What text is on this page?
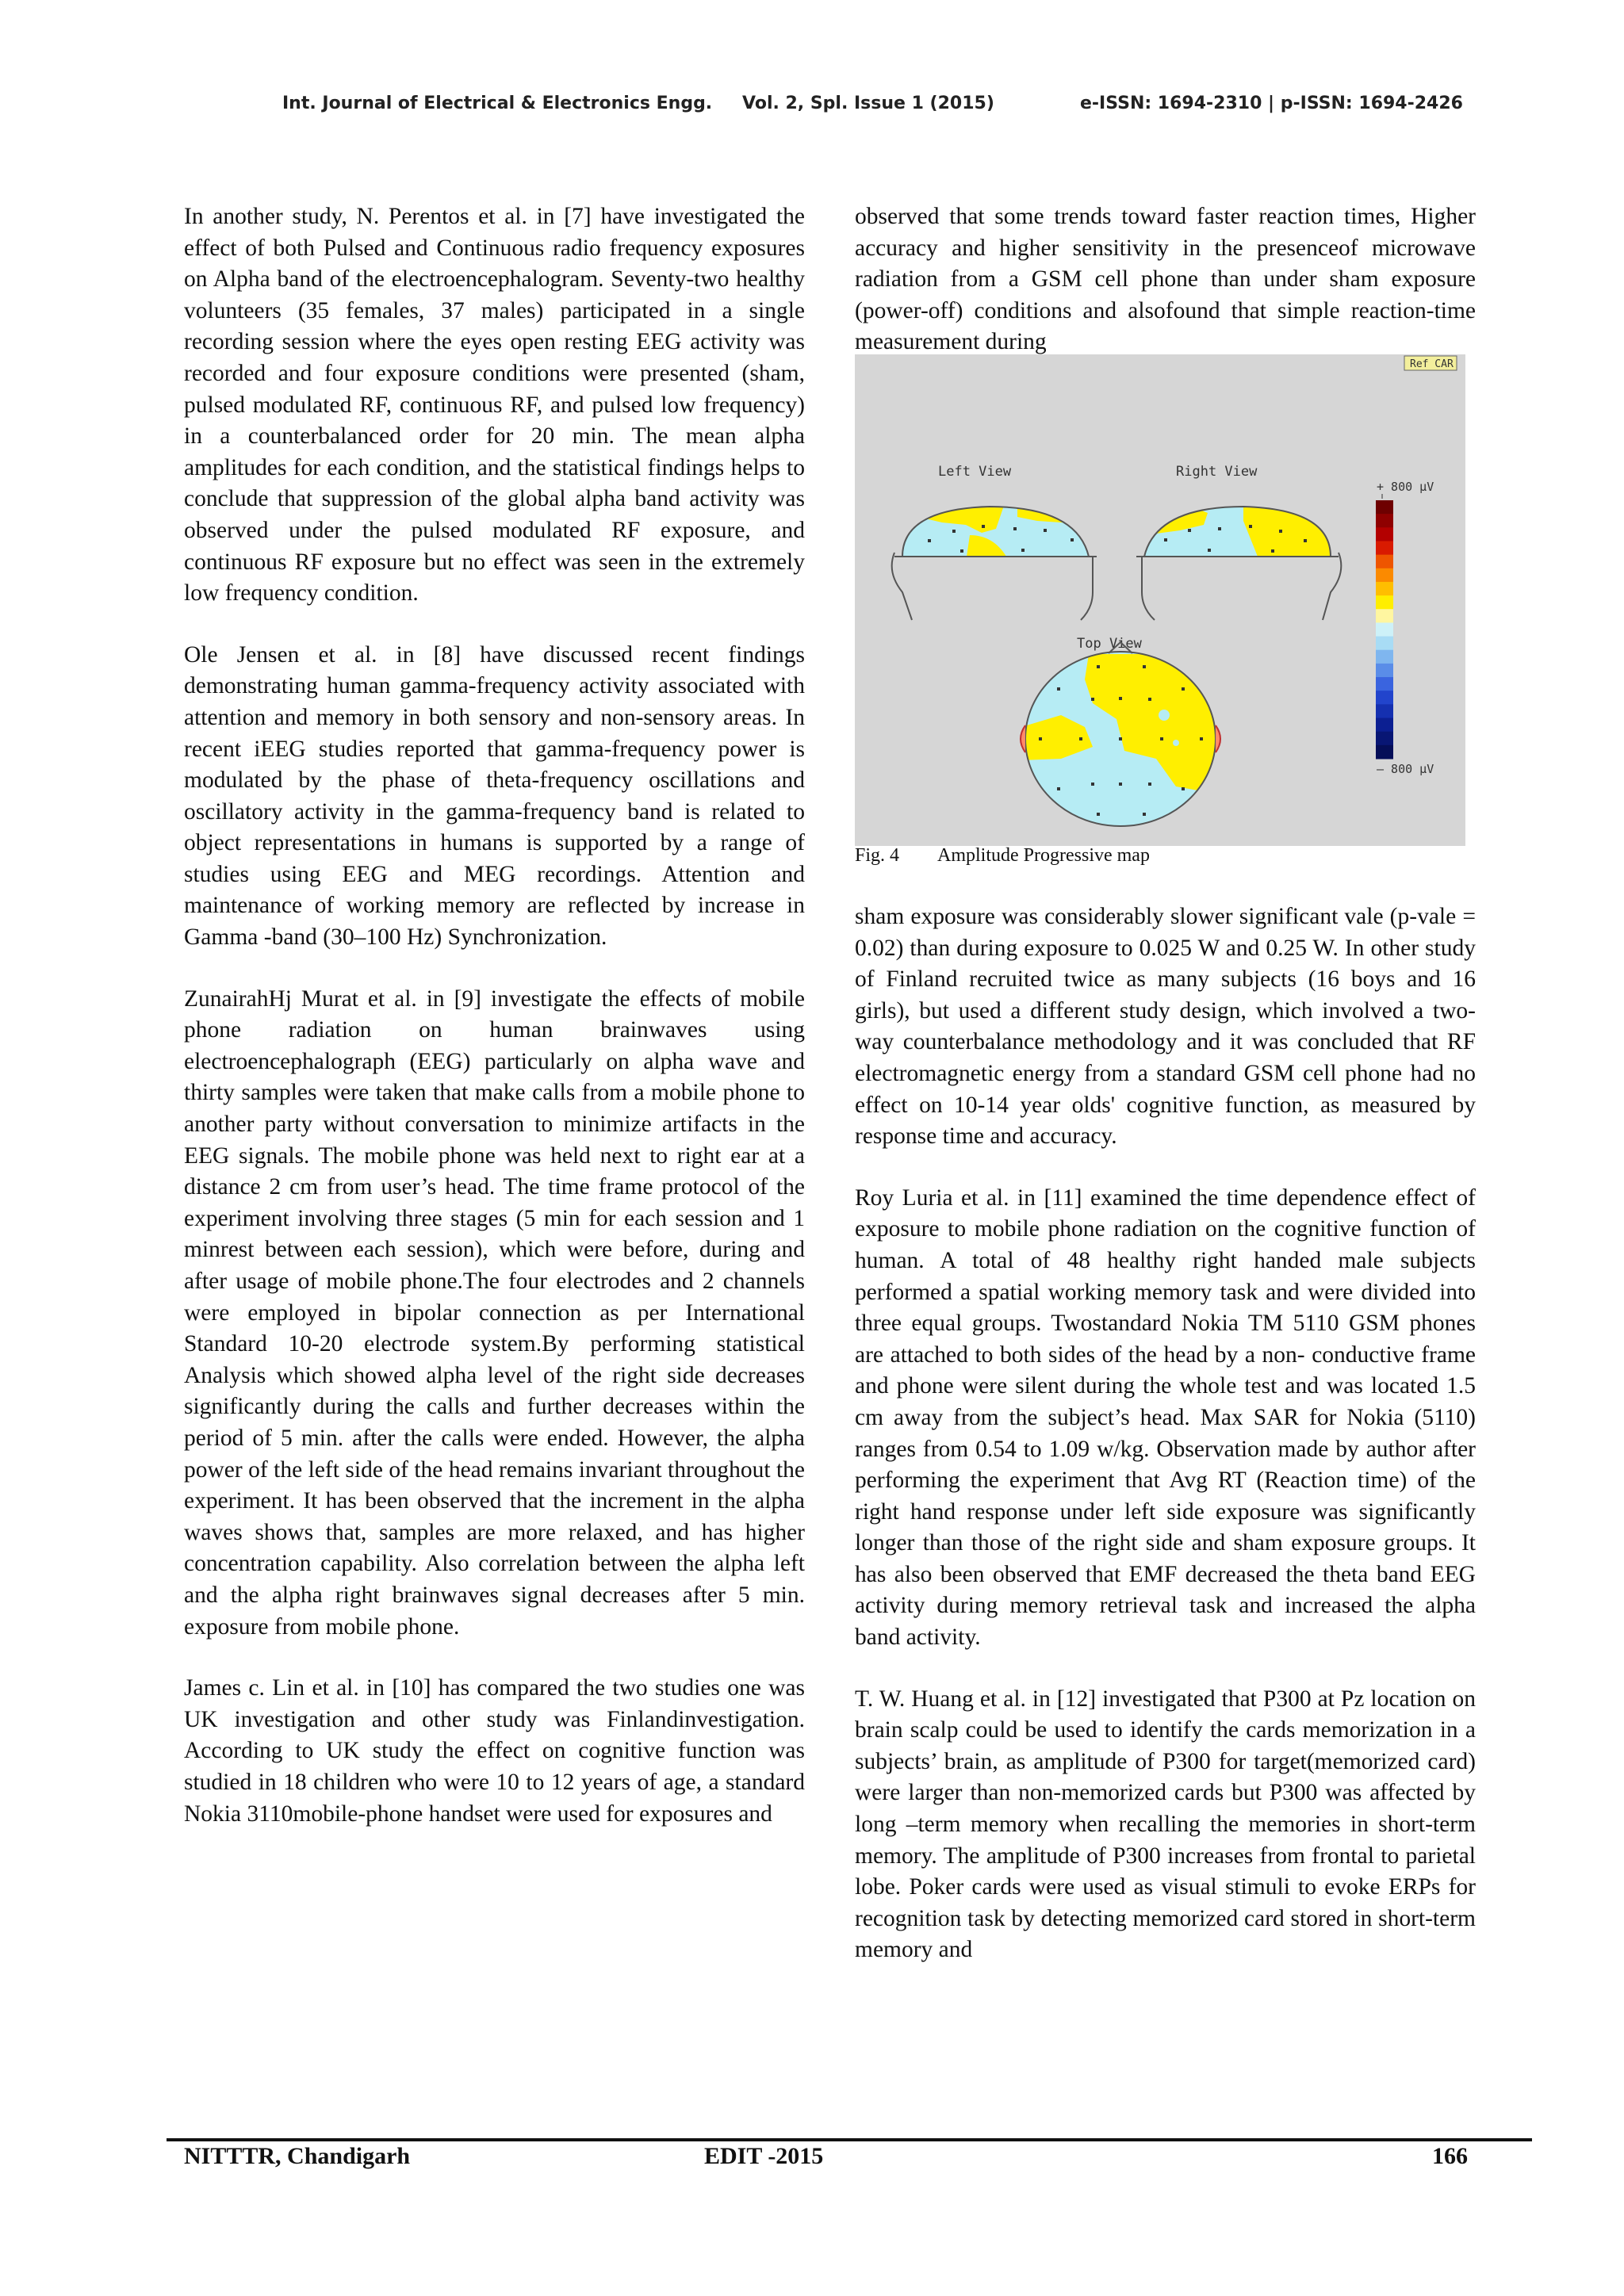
Int. Journal of Electrical & Electronics Engg. Vol. 2, Spl. Issue 1 (2015)	e-ISSN: 1694-2310 | p-ISSN: 1694-2426

In another study, N. Perentos et al. in [7] have investigated the effect of both Pulsed and Continuous radio frequency exposures on Alpha band of the electroencephalogram. Seventy-two healthy volunteers (35 females, 37 males) participated in a single recording session where the eyes open resting EEG activity was recorded and four exposure conditions were presented (sham, pulsed modulated RF, continuous RF, and pulsed low frequency) in a counterbalanced order for 20 min. The mean alpha amplitudes for each condition, and the statistical findings helps to conclude that suppression of the global alpha band activity was observed under the pulsed modulated RF exposure, and continuous RF exposure but no effect was seen in the extremely low frequency condition.

Ole Jensen et al. in [8] have discussed recent findings demonstrating human gamma-frequency activity associated with attention and memory in both sensory and non-sensory areas. In recent iEEG studies reported that gamma-frequency power is modulated by the phase of theta-frequency oscillations and oscillatory activity in the gamma-frequency band is related to object representations in humans is supported by a range of studies using EEG and MEG recordings. Attention and maintenance of working memory are reflected by increase in Gamma -band (30–100 Hz) Synchronization.

ZunairahHj Murat et al. in [9] investigate the effects of mobile phone radiation on human brainwaves using electroencephalograph (EEG) particularly on alpha wave and thirty samples were taken that make calls from a mobile phone to another party without conversation to minimize artifacts in the EEG signals. The mobile phone was held next to right ear at a distance 2 cm from user’s head. The time frame protocol of the experiment involving three stages (5 min for each session and 1 minrest between each session), which were before, during and after usage of mobile phone.The four electrodes and 2 channels were employed in bipolar connection as per International Standard 10-20 electrode system.By performing statistical Analysis which showed alpha level of the right side decreases significantly during the calls and further decreases within the period of 5 min. after the calls were ended. However, the alpha power of the left side of the head remains invariant throughout the experiment. It has been observed that the increment in the alpha waves shows that, samples are more relaxed, and has higher concentration capability. Also correlation between the alpha left and the alpha right brainwaves signal decreases after 5 min. exposure from mobile phone.

James c. Lin et al. in [10] has compared the two studies one was UK investigation and other study was Finlandinvestigation. According to UK study the effect on cognitive function was studied in 18 children who were 10 to 12 years of age, a standard Nokia 3110mobile-phone handset were used for exposures and

observed that some trends toward faster reaction times, Higher accuracy and higher sensitivity in the presenceof microwave radiation from a GSM cell phone than under sham exposure (power-off) conditions and alsofound that simple reaction-time measurement during

Ref CAR
Left View	Right View
Top View
+ 800 µV
– 800 µV
Fig. 4 Amplitude Progressive map

sham exposure was considerably slower significant vale (p-vale = 0.02) than during exposure to 0.025 W and 0.25 W. In other study of Finland recruited twice as many subjects (16 boys and 16 girls), but used a different study design, which involved a two-way counterbalance methodology and it was concluded that RF electromagnetic energy from a standard GSM cell phone had no effect on 10-14 year olds' cognitive function, as measured by response time and accuracy.

Roy Luria et al. in [11] examined the time dependence effect of exposure to mobile phone radiation on the cognitive function of human. A total of 48 healthy right handed male subjects performed a spatial working memory task and were divided into three equal groups. Twostandard Nokia TM 5110 GSM phones are attached to both sides of the head by a non- conductive frame and phone were silent during the whole test and was located 1.5 cm away from the subject’s head. Max SAR for Nokia (5110) ranges from 0.54 to 1.09 w/kg. Observation made by author after performing the experiment that Avg RT (Reaction time) of the right hand response under left side exposure was significantly longer than those of the right side and sham exposure groups. It has also been observed that EMF decreased the theta band EEG activity during memory retrieval task and increased the alpha band activity.

T. W. Huang et al. in [12] investigated that P300 at Pz location on brain scalp could be used to identify the cards memorization in a subjects’ brain, as amplitude of P300 for target(memorized card) were larger than non-memorized cards but P300 was affected by long –term memory when recalling the memories in short-term memory. The amplitude of P300 increases from frontal to parietal lobe. Poker cards were used as visual stimuli to evoke ERPs for recognition task by detecting memorized card stored in short-term memory and

NITTTR, Chandigarh	EDIT -2015	166
